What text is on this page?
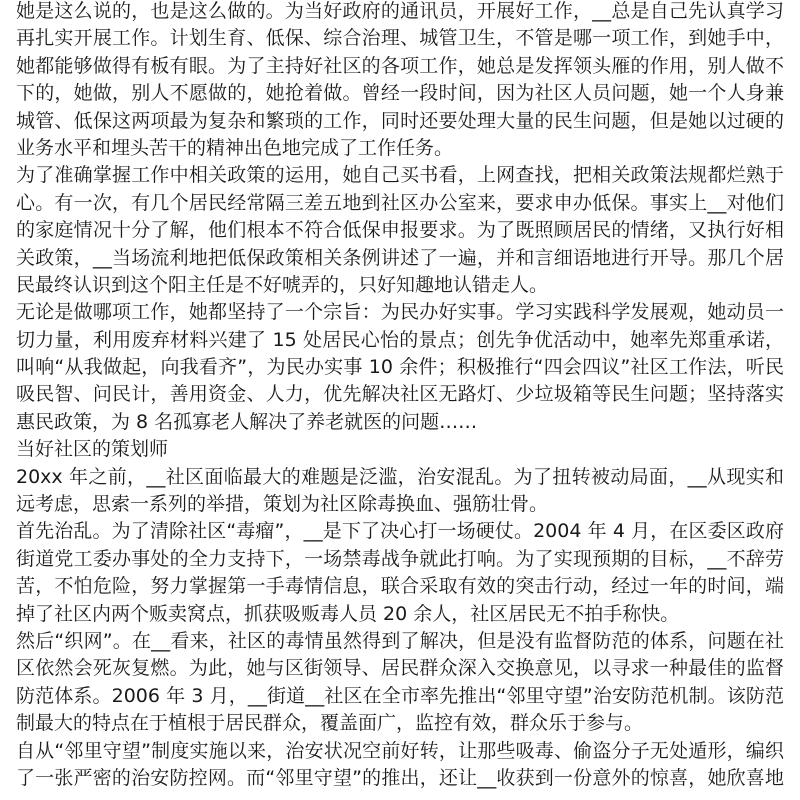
她是这么说的，也是这么做的。为当好政府的通讯员，开展好工作，__总是自己先认真学习
再扎实开展工作。计划生育、低保、综合治理、城管卫生，不管是哪一项工作，到她手中，
她都能够做得有板有眼。为了主持好社区的各项工作，她总是发挥领头雁的作用，别人做不
下的，她做，别人不愿做的，她抢着做。曾经一段时间，因为社区人员问题，她一个人身兼
城管、低保这两项最为复杂和繁琐的工作，同时还要处理大量的民生问题，但是她以过硬的
业务水平和埋头苦干的精神出色地完成了工作任务。
为了准确掌握工作中相关政策的运用，她自己买书看，上网查找，把相关政策法规都烂熟于
心。有一次，有几个居民经常隔三差五地到社区办公室来，要求申办低保。事实上__对他们
的家庭情况十分了解，他们根本不符合低保申报要求。为了既照顾居民的情绪，又执行好相
关政策，__当场流利地把低保政策相关条例讲述了一遍，并和言细语地进行开导。那几个居
民最终认识到这个阳主任是不好唬弄的，只好知趣地认错走人。
无论是做哪项工作，她都坚持了一个宗旨：为民办好实事。学习实践科学发展观，她动员一
切力量，利用废弃材料兴建了 15 处居民心怡的景点；创先争优活动中，她率先郑重承诺，
叫响“从我做起，向我看齐”，为民办实事 10 余件；积极推行“四会四议”社区工作法，听民
吸民智、问民计，善用资金、人力，优先解决社区无路灯、少垃圾箱等民生问题；坚持落实
惠民政策，为 8 名孤寡老人解决了养老就医的问题……
当好社区的策划师
20xx 年之前，__社区面临最大的难题是泛滥，治安混乱。为了扭转被动局面，__从现实和
远考虑，思索一系列的举措，策划为社区除毒换血、强筋壮骨。
首先治乱。为了清除社区“毒瘤”，__是下了决心打一场硬仗。2004 年 4 月，在区委区政府
街道党工委办事处的全力支持下，一场禁毒战争就此打响。为了实现预期的目标，__不辞劳
苦，不怕危险，努力掌握第一手毒情信息，联合采取有效的突击行动，经过一年的时间，端
掉了社区内两个贩卖窝点，抓获吸贩毒人员 20 余人，社区居民无不拍手称快。
然后“织网”。在__看来，社区的毒情虽然得到了解决，但是没有监督防范的体系，问题在社
区依然会死灰复燃。为此，她与区街领导、居民群众深入交换意见，以寻求一种最佳的监督
防范体系。2006 年 3 月，__街道__社区在全市率先推出“邻里守望”治安防范机制。该防范
制最大的特点在于植根于居民群众，覆盖面广，监控有效，群众乐于参与。
自从“邻里守望”制度实施以来，治安状况空前好转，让那些吸毒、偷盗分子无处遁形，编织
了一张严密的治安防控网。而“邻里守望”的推出，还让__收获到一份意外的惊喜，她欣喜地
